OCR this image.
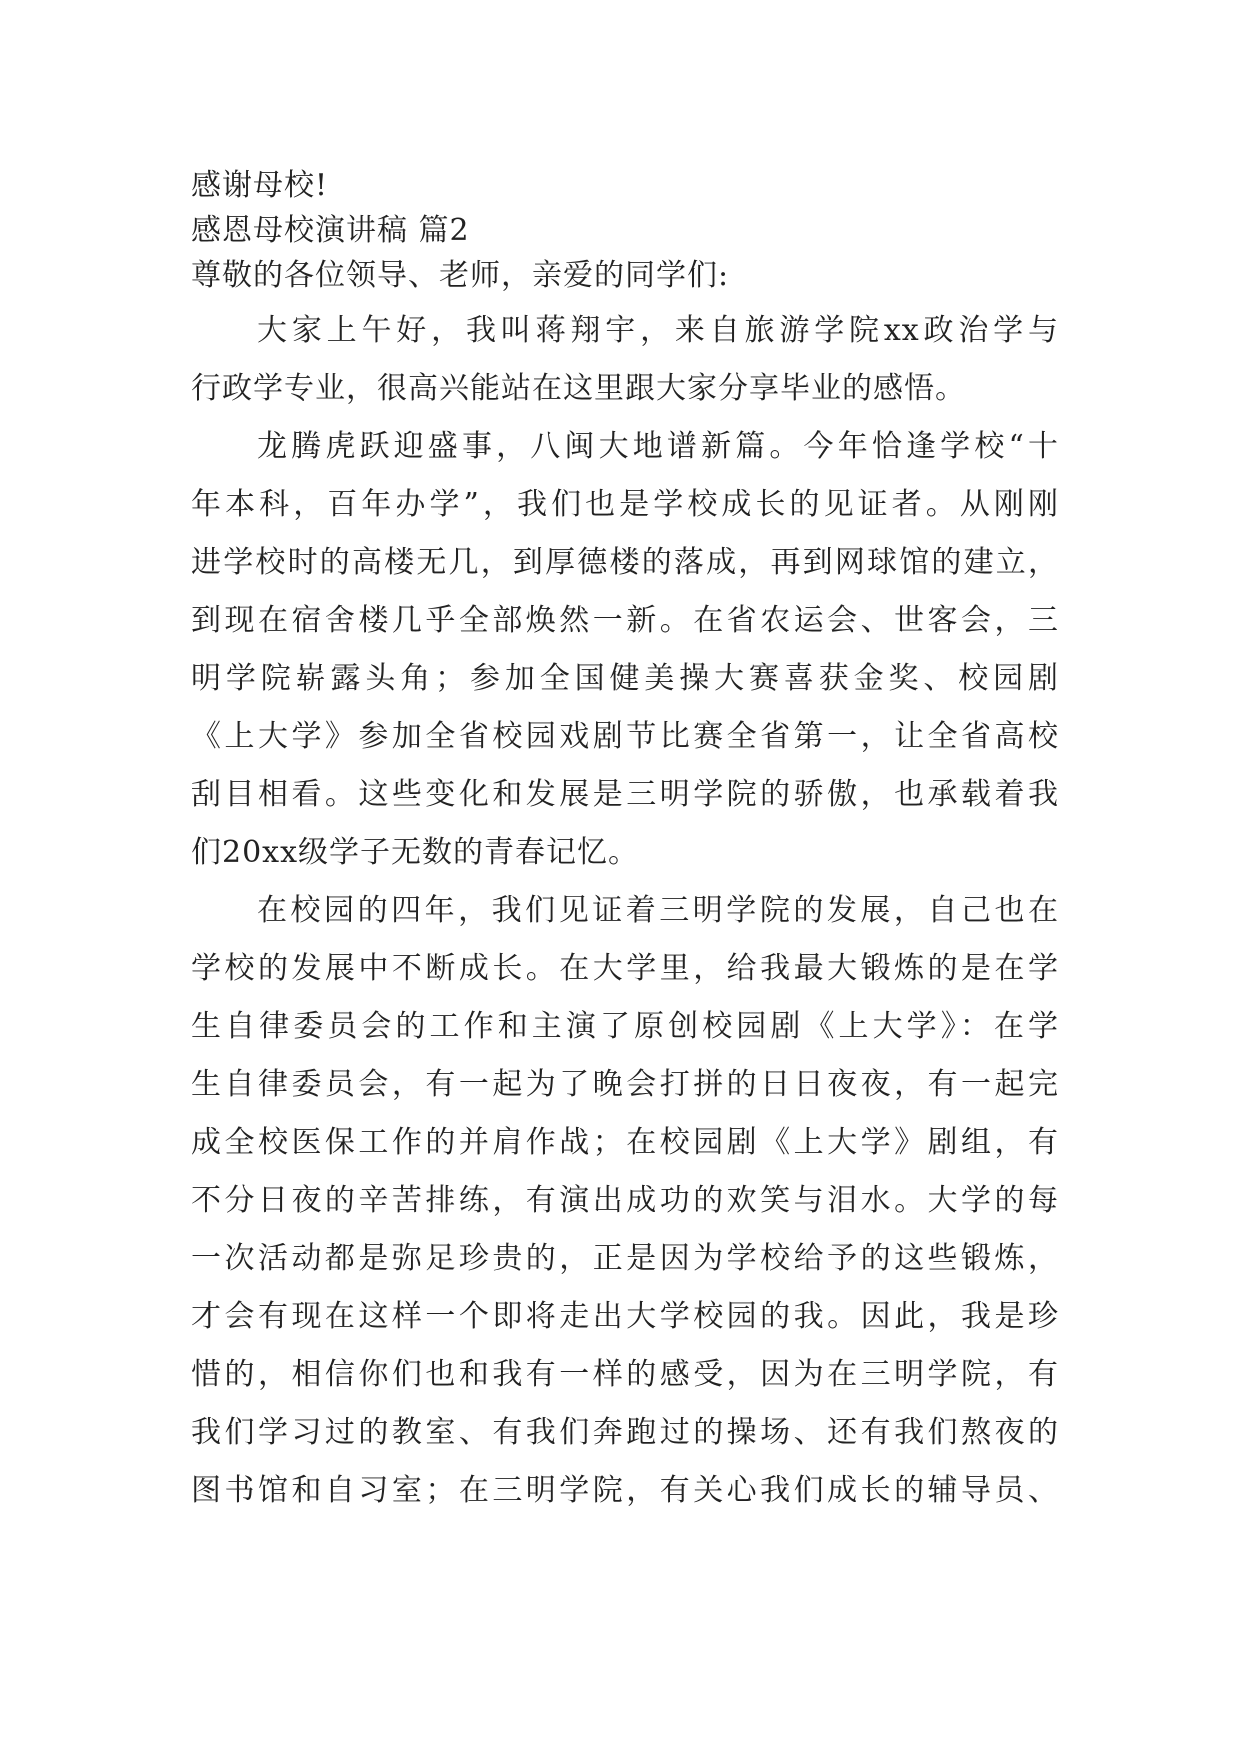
感谢母校!
感恩母校演讲稿 篇2
尊敬的各位领导、老师，亲爱的同学们:
大家上午好，我叫蒋翔宇，来自旅游学院xx政治学与
行政学专业，很高兴能站在这里跟大家分享毕业的感悟。
龙腾虎跃迎盛事，八闽大地谱新篇。今年恰逢学校“十
年本科，百年办学”，我们也是学校成长的见证者。从刚刚
进学校时的高楼无几，到厚德楼的落成，再到网球馆的建立，
到现在宿舍楼几乎全部焕然一新。在省农运会、世客会，三
明学院崭露头角；参加全国健美操大赛喜获金奖、校园剧
《上大学》参加全省校园戏剧节比赛全省第一，让全省高校
刮目相看。这些变化和发展是三明学院的骄傲，也承载着我
们20xx级学子无数的青春记忆。
在校园的四年，我们见证着三明学院的发展，自己也在
学校的发展中不断成长。在大学里，给我最大锻炼的是在学
生自律委员会的工作和主演了原创校园剧《上大学》：在学
生自律委员会，有一起为了晚会打拼的日日夜夜，有一起完
成全校医保工作的并肩作战；在校园剧《上大学》剧组，有
不分日夜的辛苦排练，有演出成功的欢笑与泪水。大学的每
一次活动都是弥足珍贵的，正是因为学校给予的这些锻炼，
才会有现在这样一个即将走出大学校园的我。因此，我是珍
惜的，相信你们也和我有一样的感受，因为在三明学院，有
我们学习过的教室、有我们奔跑过的操场、还有我们熬夜的
图书馆和自习室；在三明学院，有关心我们成长的辅导员、
